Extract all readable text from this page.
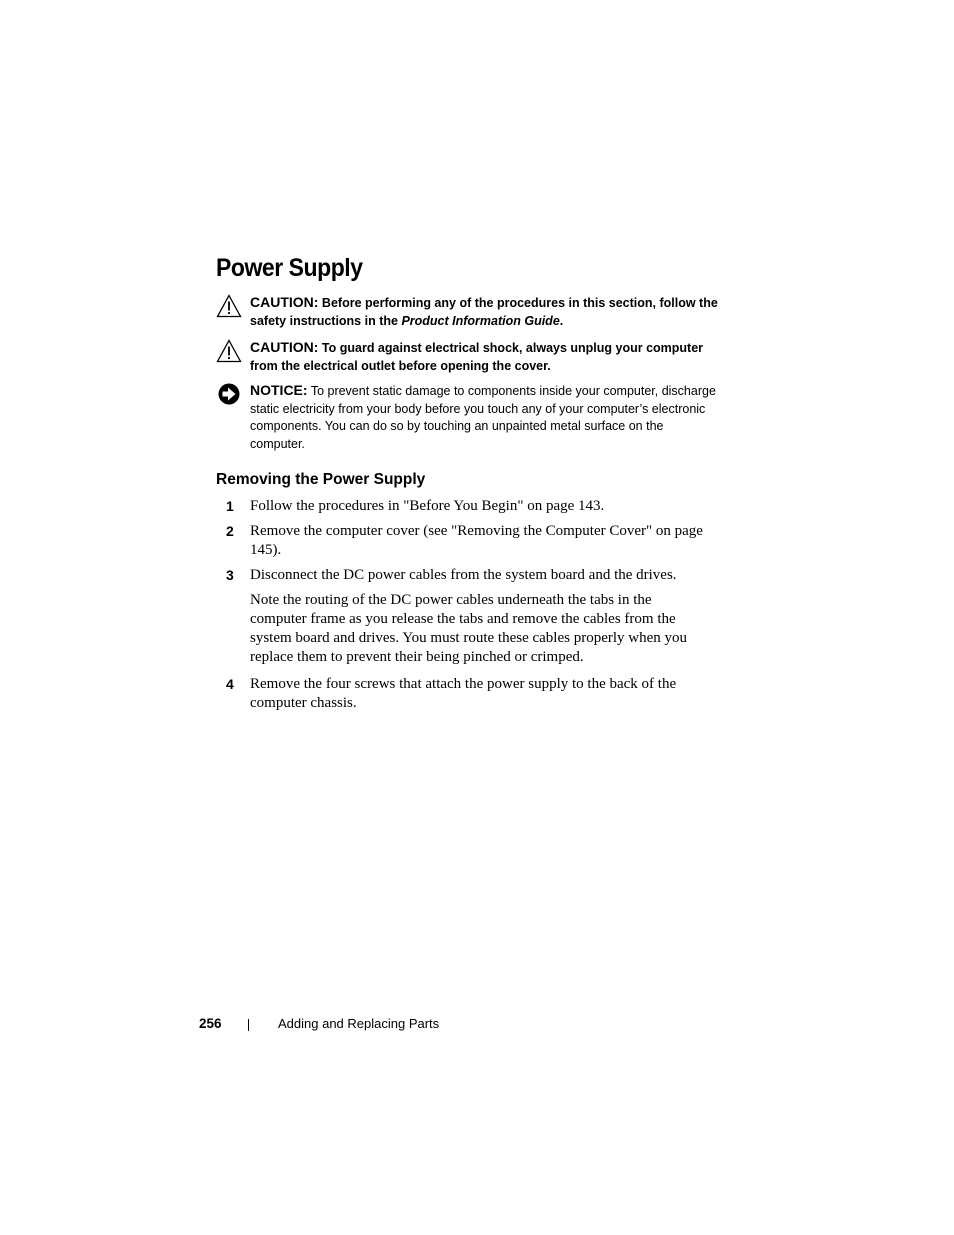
Power Supply
CAUTION: Before performing any of the procedures in this section, follow the safety instructions in the Product Information Guide.
CAUTION: To guard against electrical shock, always unplug your computer from the electrical outlet before opening the cover.
NOTICE: To prevent static damage to components inside your computer, discharge static electricity from your body before you touch any of your computer’s electronic components. You can do so by touching an unpainted metal surface on the computer.
Removing the Power Supply
1 Follow the procedures in "Before You Begin" on page 143.
2 Remove the computer cover (see "Removing the Computer Cover" on page 145).
3 Disconnect the DC power cables from the system board and the drives.
Note the routing of the DC power cables underneath the tabs in the computer frame as you release the tabs and remove the cables from the system board and drives. You must route these cables properly when you replace them to prevent their being pinched or crimped.
4 Remove the four screws that attach the power supply to the back of the computer chassis.
256	Adding and Replacing Parts
